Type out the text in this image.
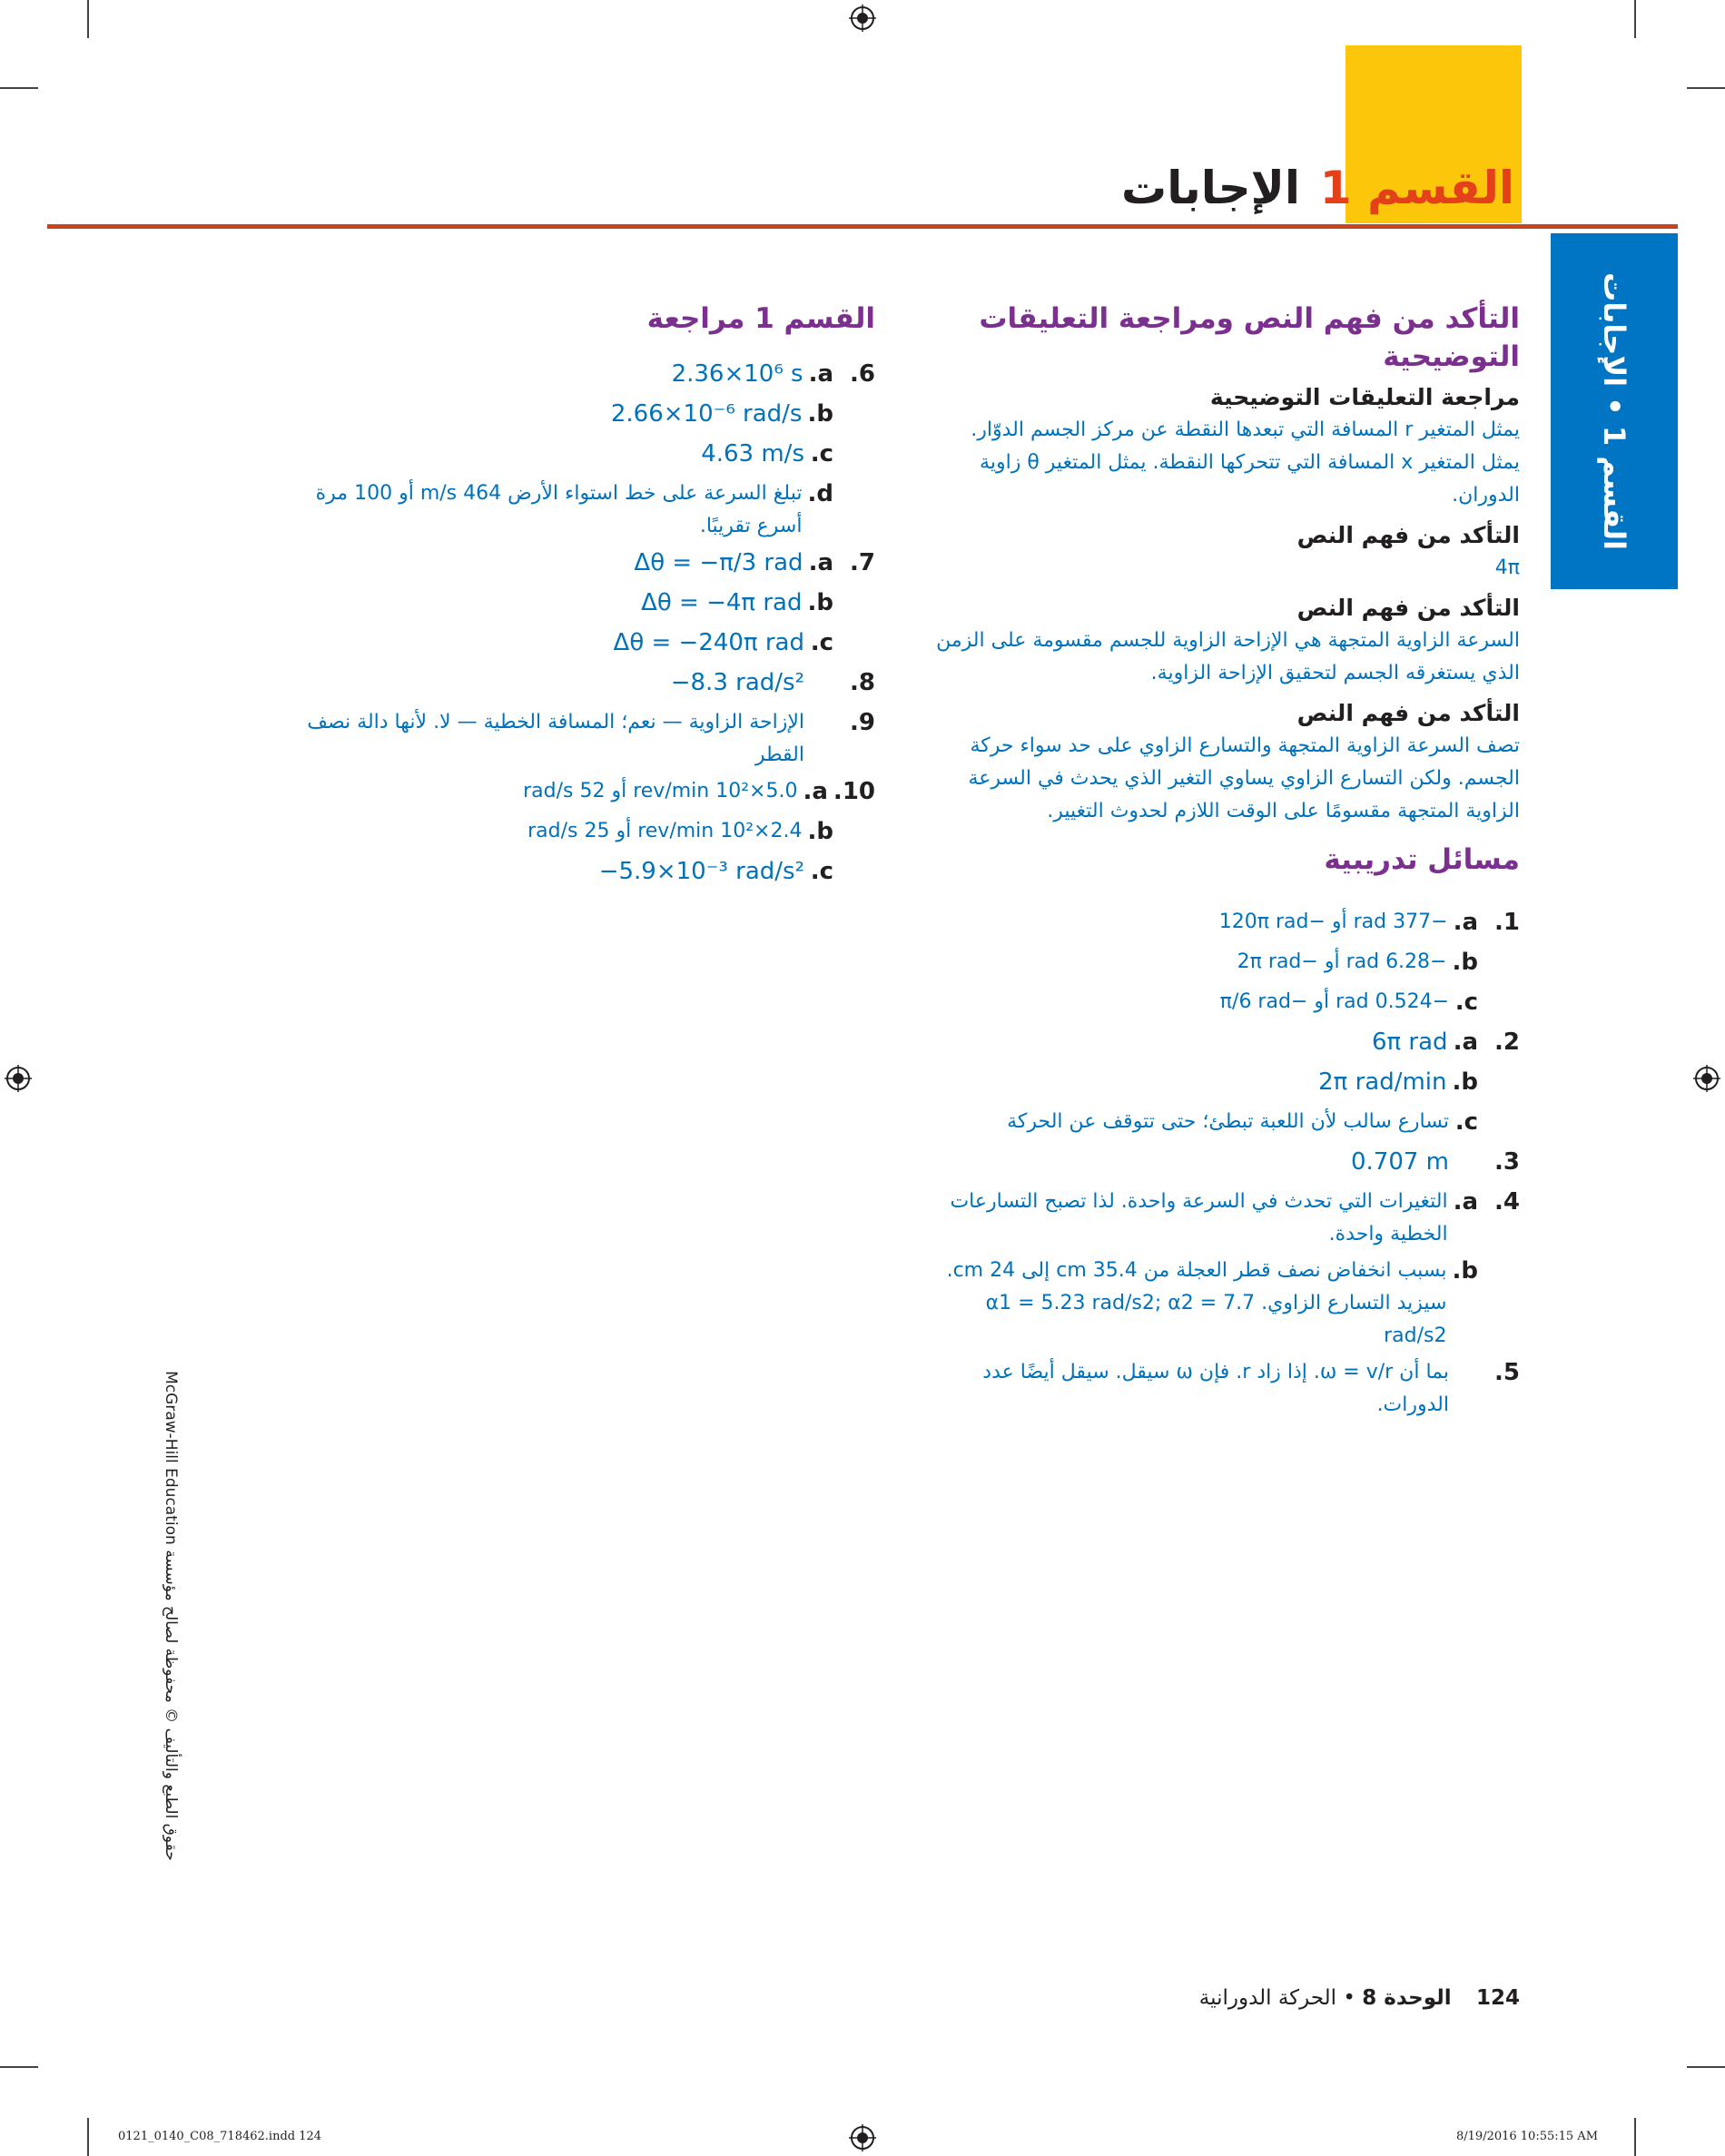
القسم 1
الإجابات
القسم 1 • الإجابات
التأكد من فهم النص ومراجعة التعليقات التوضيحية
مراجعة التعليقات التوضيحية
يمثل المتغير r المسافة التي تبعدها النقطة عن مركز الجسم الدوّار. يمثل المتغير x المسافة التي تتحركها النقطة. يمثل المتغير θ زاوية الدوران.
التأكد من فهم النص
4π
التأكد من فهم النص
السرعة الزاوية المتجهة هي الإزاحة الزاوية للجسم مقسومة على الزمن الذي يستغرقه الجسم لتحقيق الإزاحة الزاوية.
التأكد من فهم النص
تصف السرعة الزاوية المتجهة والتسارع الزاوي على حد سواء حركة الجسم. ولكن التسارع الزاوي يساوي التغير الذي يحدث في السرعة الزاوية المتجهة مقسومًا على الوقت اللازم لحدوث التغيير.
مسائل تدريبية
1.
a.
−377 rad أو −120π rad
b.
−6.28 rad أو −2π rad
c.
−0.524 rad أو −π/6 rad
2.
a.
6π rad
b.
2π rad/min
c.
تسارع سالب لأن اللعبة تبطئ؛ حتى تتوقف عن الحركة
3.
0.707 m
4.
a.
التغيرات التي تحدث في السرعة واحدة. لذا تصبح التسارعات الخطية واحدة.
b.
بسبب انخفاض نصف قطر العجلة من 35.4 cm إلى 24 cm. سيزيد التسارع الزاوي. α1 = 5.23 rad/s2; α2 = 7.7 rad/s2
5.
بما أن ω = v/r. إذا زاد r. فإن ω سيقل. سيقل أيضًا عدد الدورات.
القسم 1 مراجعة
6.
a.
2.36×10⁶ s
b.
2.66×10⁻⁶ rad/s
c.
4.63 m/s
d.
تبلغ السرعة على خط استواء الأرض 464 m/s أو 100 مرة أسرع تقريبًا.
7.
a.
Δθ = −π/3 rad
b.
Δθ = −4π rad
c.
Δθ = −240π rad
8.
−8.3 rad/s²
9.
الإزاحة الزاوية — نعم؛ المسافة الخطية — لا. لأنها دالة نصف القطر
10.
a.
5.0×10² rev/min أو 52 rad/s
b.
2.4×10² rev/min أو 25 rad/s
c.
−5.9×10⁻³ rad/s²
حقوق الطبع والتأليف © محفوظة لصالح مؤسسة McGraw-Hill Education
124 الوحدة 8 • الحركة الدورانية
0121_0140_C08_718462.indd 124	8/19/2016 10:55:15 AM
